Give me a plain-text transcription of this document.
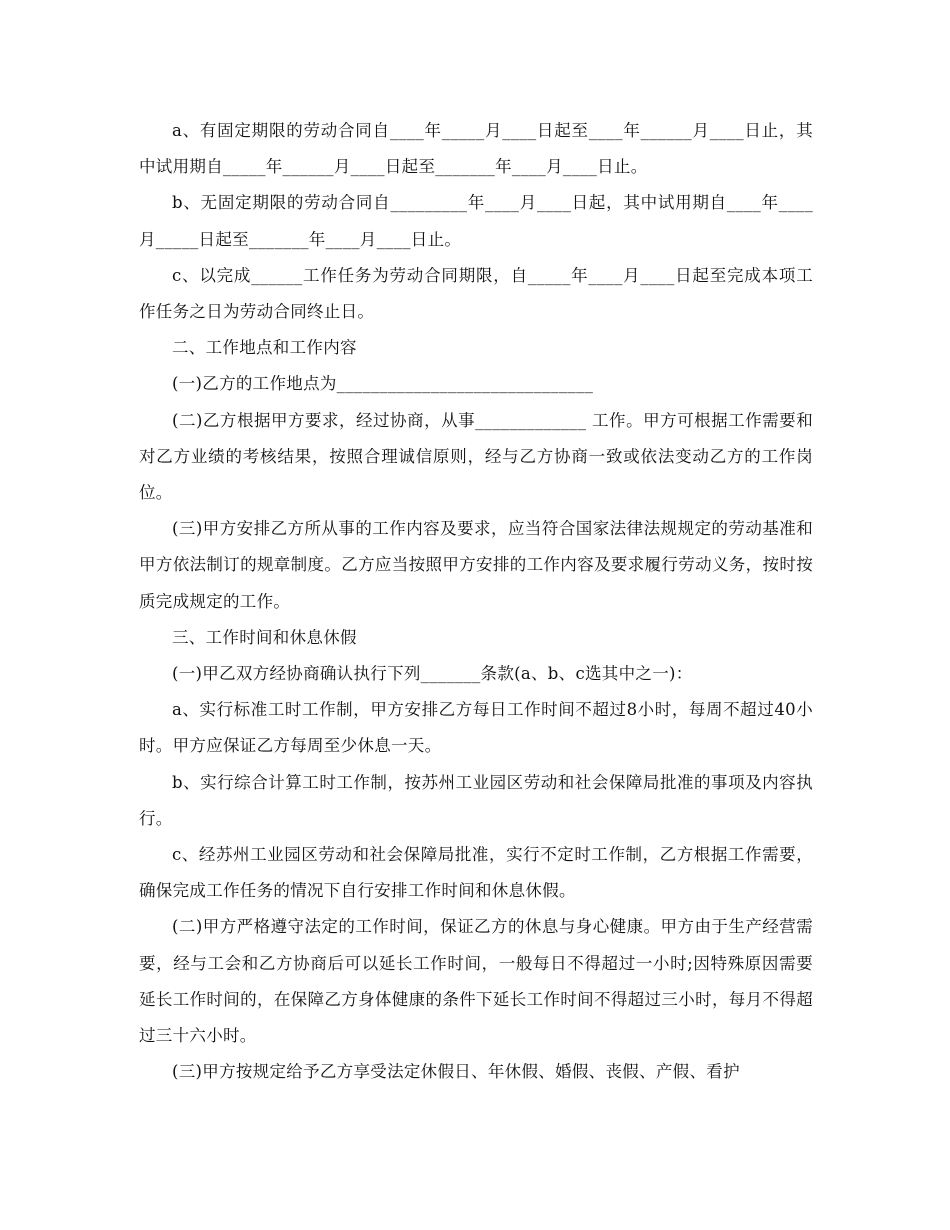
a、有固定期限的劳动合同自____年_____月____日起至____年______月____日止，其中试用期自_____年______月____日起至_______年____月____日止。

b、无固定期限的劳动合同自_________年____月____日起，其中试用期自____年____月_____日起至_______年____月____日止。

c、以完成______工作任务为劳动合同期限，自_____年____月____日起至完成本项工作任务之日为劳动合同终止日。

二、工作地点和工作内容

(一)乙方的工作地点为______________________________

(二)乙方根据甲方要求，经过协商，从事_____________ 工作。甲方可根据工作需要和对乙方业绩的考核结果，按照合理诚信原则，经与乙方协商一致或依法变动乙方的工作岗位。

(三)甲方安排乙方所从事的工作内容及要求，应当符合国家法律法规规定的劳动基准和甲方依法制订的规章制度。乙方应当按照甲方安排的工作内容及要求履行劳动义务，按时按质完成规定的工作。

三、工作时间和休息休假

(一)甲乙双方经协商确认执行下列_______条款(a、b、c选其中之一)：

a、实行标准工时工作制，甲方安排乙方每日工作时间不超过8小时，每周不超过40小时。甲方应保证乙方每周至少休息一天。

b、实行综合计算工时工作制，按苏州工业园区劳动和社会保障局批准的事项及内容执行。

c、经苏州工业园区劳动和社会保障局批准，实行不定时工作制，乙方根据工作需要，确保完成工作任务的情况下自行安排工作时间和休息休假。

(二)甲方严格遵守法定的工作时间，保证乙方的休息与身心健康。甲方由于生产经营需要，经与工会和乙方协商后可以延长工作时间，一般每日不得超过一小时;因特殊原因需要延长工作时间的，在保障乙方身体健康的条件下延长工作时间不得超过三小时，每月不得超过三十六小时。

(三)甲方按规定给予乙方享受法定休假日、年休假、婚假、丧假、产假、看护
